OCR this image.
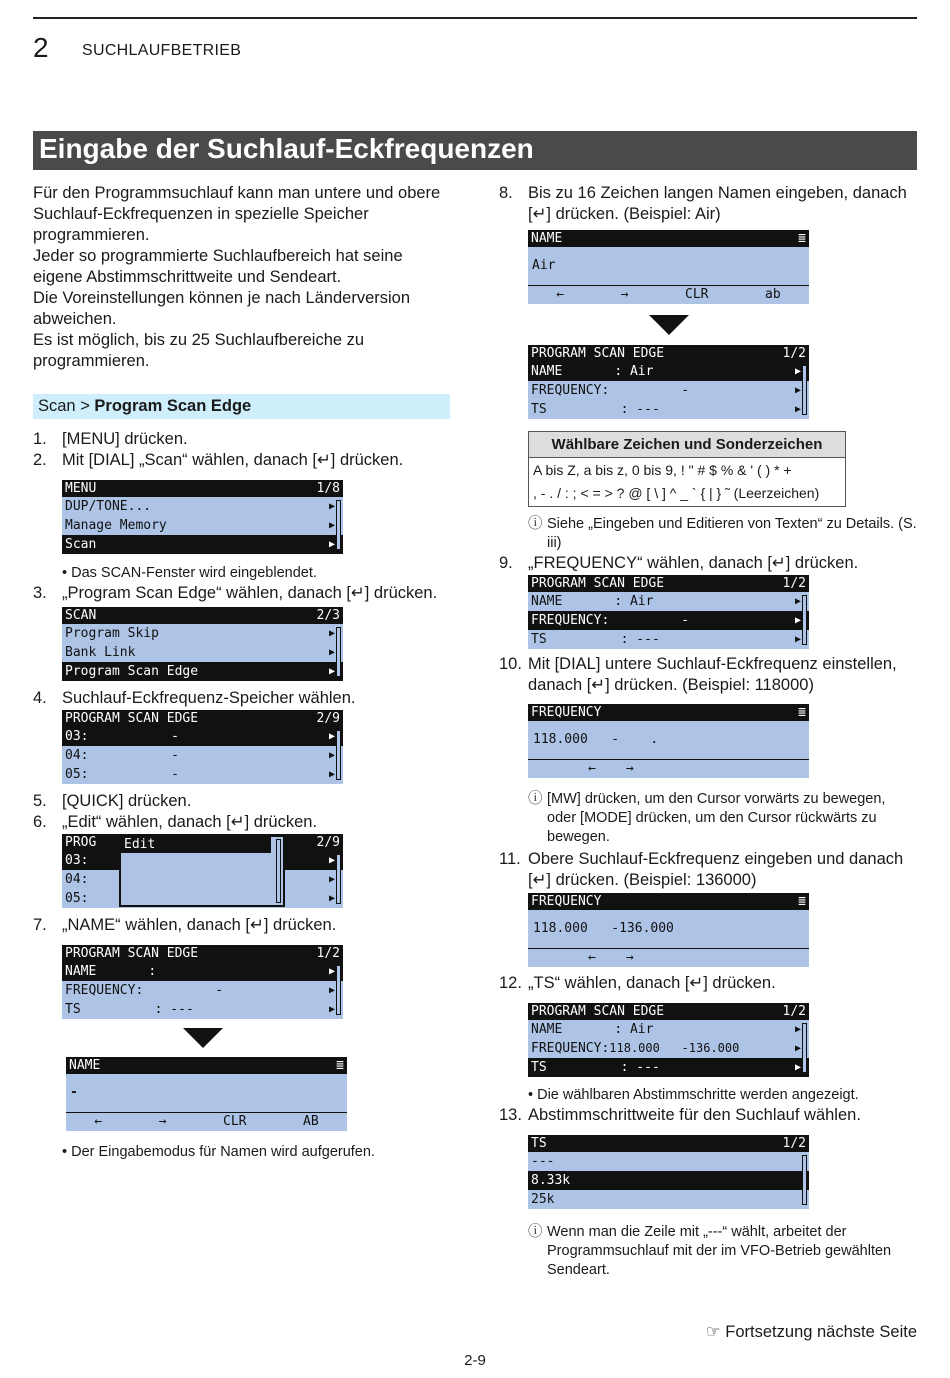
2 SUCHLAUFBETRIEB
Eingabe der Suchlauf-Eckfrequenzen

Für den Programmsuchlauf kann man untere und obere Suchlauf-Eckfrequenzen in spezielle Speicher programmieren.

Jeder so programmierte Suchlaufbereich hat seine eigene Abstimmschrittweite und Sendeart.

Die Voreinstellungen können je nach Länderversion abweichen.

Es ist möglich, bis zu 25 Suchlaufbereiche zu programmieren.

Scan > Program Scan Edge
1. [MENU] drücken.
2. Mit [DIAL] „Scan“ wählen, danach [↵] drücken.
MENU	1/8
DUP/TONE...	▶
Manage Memory	▶
Scan	▶
• Das SCAN-Fenster wird eingeblendet.
3. „Program Scan Edge“ wählen, danach [↵] drücken.
SCAN	2/3
Program Skip	▶
Bank Link	▶
Program Scan Edge	▶
4. Suchlauf-Eckfrequenz-Speicher wählen.
PROGRAM SCAN EDGE	2/9
03:	-	▶
04:	-	▶
05:	-	▶
5. [QUICK] drücken.
6. „Edit“ wählen, danach [↵] drücken.
PROG	2/9
03:	▶
04:	▶
05:	▶
Edit
7. „NAME“ wählen, danach [↵] drücken.
PROGRAM SCAN EDGE	1/2
NAME	:	▶
FREQUENCY:	-	▶
TS	: ---	▶
NAME	≣
-
←	→	CLR	AB
• Der Eingabemodus für Namen wird aufgerufen.
8. Bis zu 16 Zeichen langen Namen eingeben, danach [↵] drücken. (Beispiel: Air)
NAME	≣
Air
←	→	CLR	ab
PROGRAM SCAN EDGE	1/2
NAME	: Air	▶
FREQUENCY:	-	▶
TS	: ---	▶
Wählbare Zeichen und Sonderzeichen
A bis Z, a bis z, 0 bis 9, ! " # $ % & ' ( ) * +
, - . / : ; < = > ? @ [ \ ] ^ _ ` { | } ˜ (Leerzeichen)
ⓘ Siehe „Eingeben und Editieren von Texten“ zu Details. (S. iii)
9. „FREQUENCY“ wählen, danach [↵] drücken.
PROGRAM SCAN EDGE	1/2
NAME	: Air	▶
FREQUENCY:	-	▶
TS	: ---	▶
10. Mit [DIAL] untere Suchlauf-Eckfrequenz einstellen, danach [↵] drücken. (Beispiel: 118000)
FREQUENCY	≣
118.000   -    .
← →
ⓘ [MW] drücken, um den Cursor vorwärts zu bewegen, oder [MODE] drücken, um den Cursor rückwärts zu bewegen.
11. Obere Suchlauf-Eckfrequenz eingeben und danach [↵] drücken. (Beispiel: 136000)
FREQUENCY	≣
118.000   -136.000
← →
12. „TS“ wählen, danach [↵] drücken.
PROGRAM SCAN EDGE	1/2
NAME	: Air	▶
FREQUENCY:118.000   -136.000	▶
TS	: ---	▶
• Die wählbaren Abstimmschritte werden angezeigt.
13. Abstimmschrittweite für den Suchlauf wählen.
TS	1/2
---
8.33k
25k
ⓘ Wenn man die Zeile mit „---“ wählt, arbeitet der Programmsuchlauf mit der im VFO-Betrieb gewählten Sendeart.
☞ Fortsetzung nächste Seite
2-9
